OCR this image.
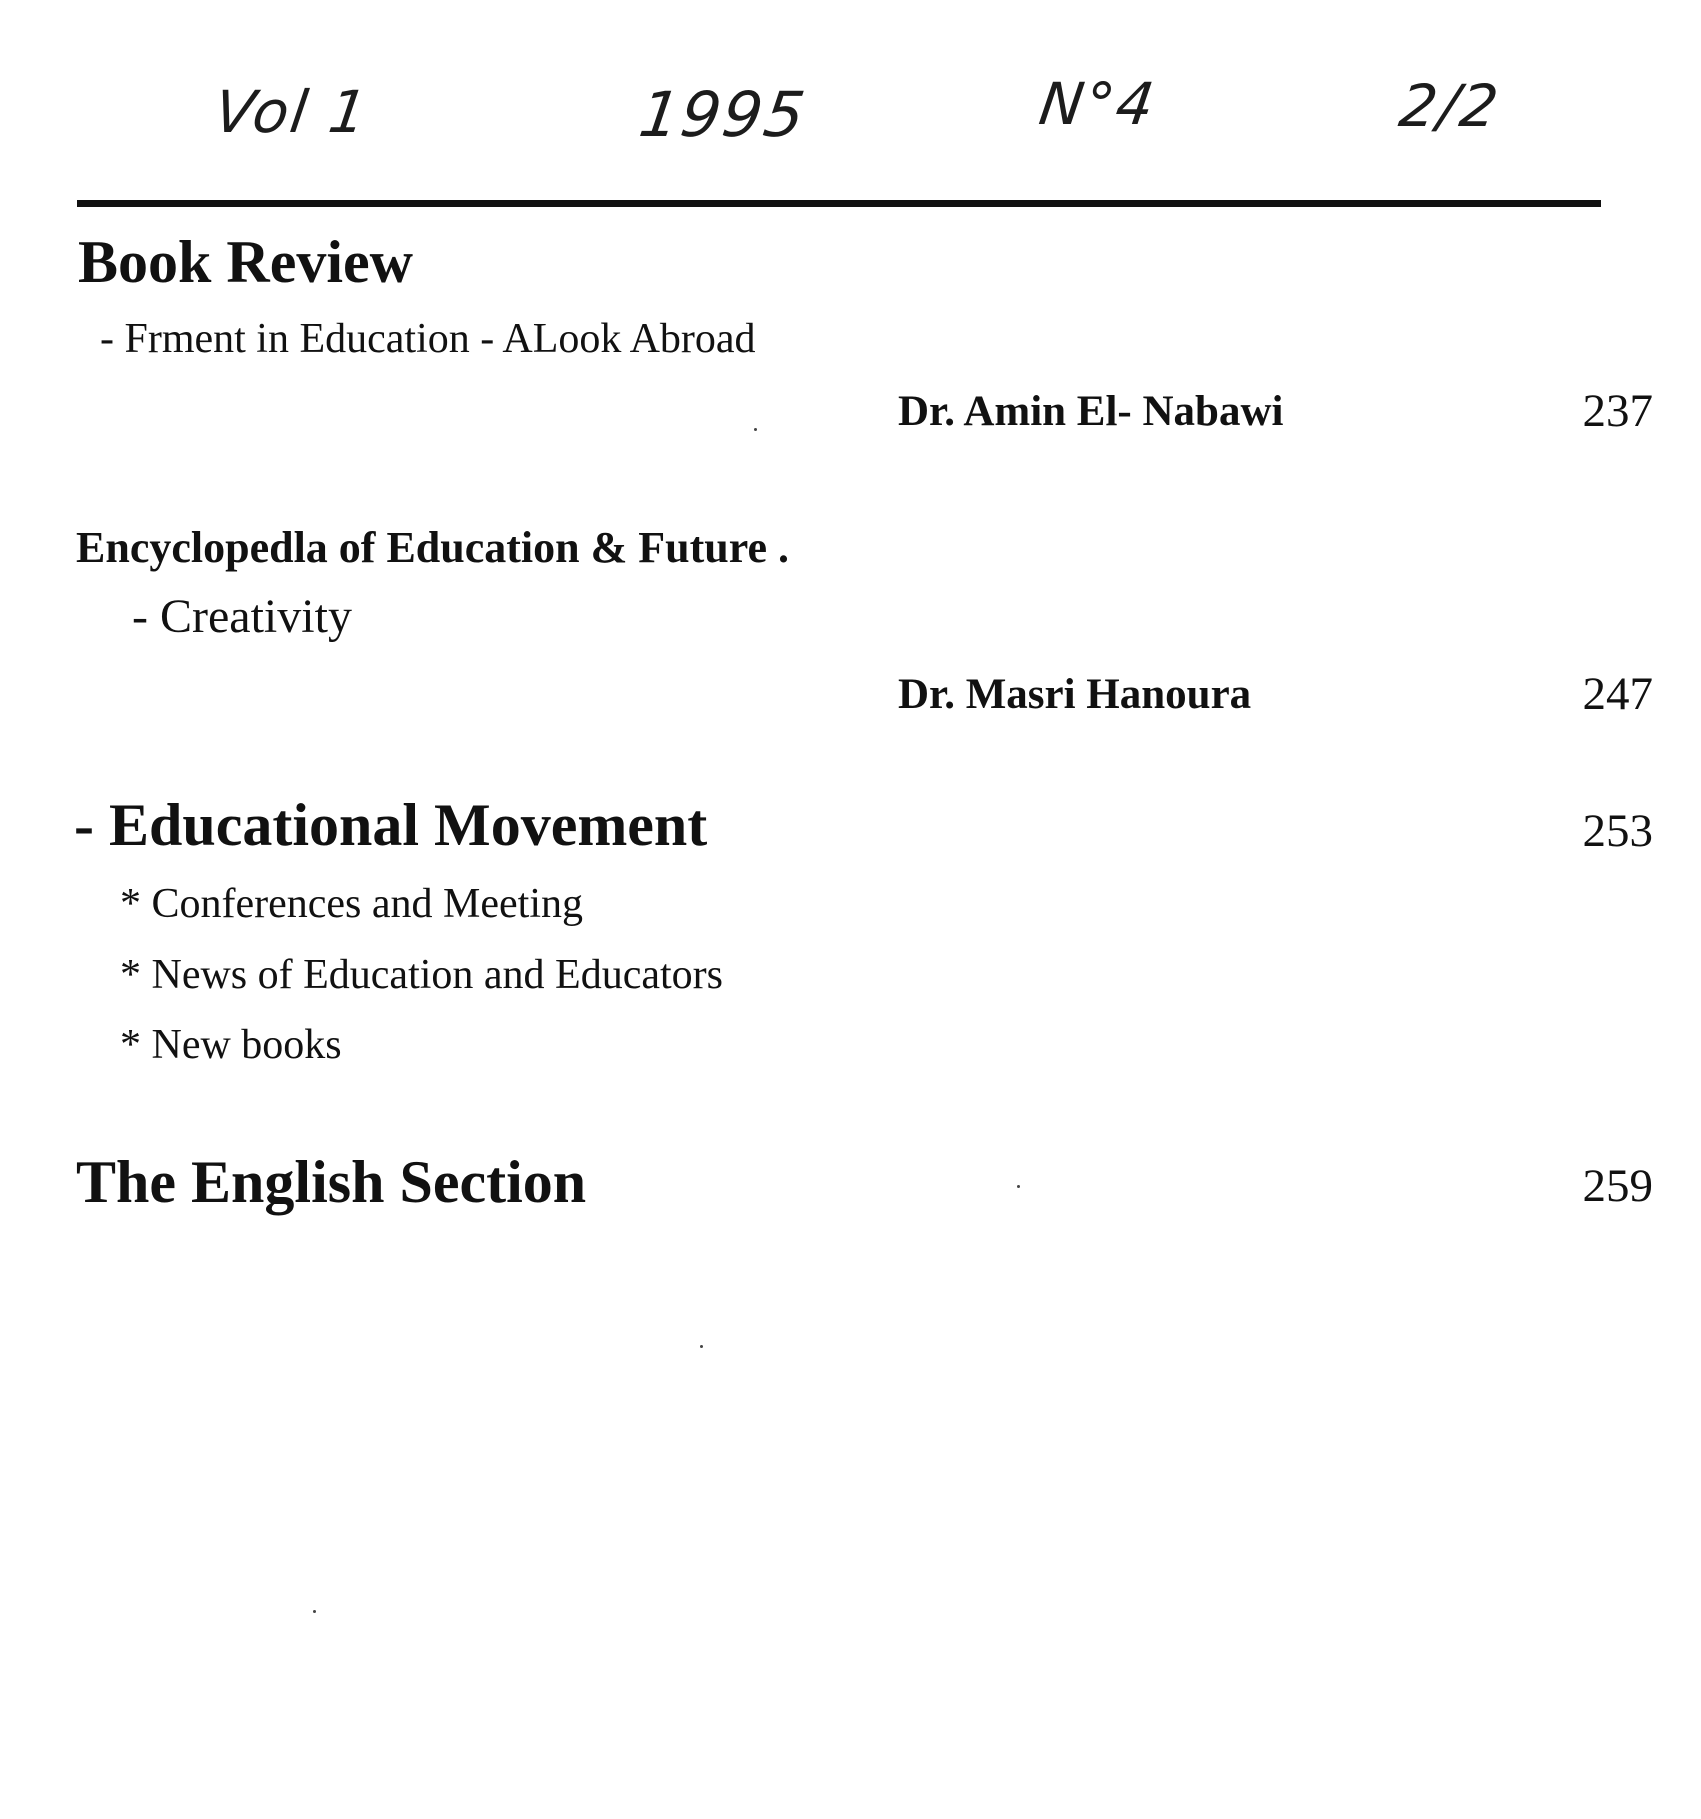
Vol 1	1995	N°4	2/2
Book Review
- Frment in Education - ALook Abroad
Dr. Amin El- Nabawi	237
Encyclopedla of Education & Future .
- Creativity
Dr. Masri Hanoura	247
- Educational Movement	253
* Conferences and Meeting
* News of Education and Educators
* New books
The English Section	259
